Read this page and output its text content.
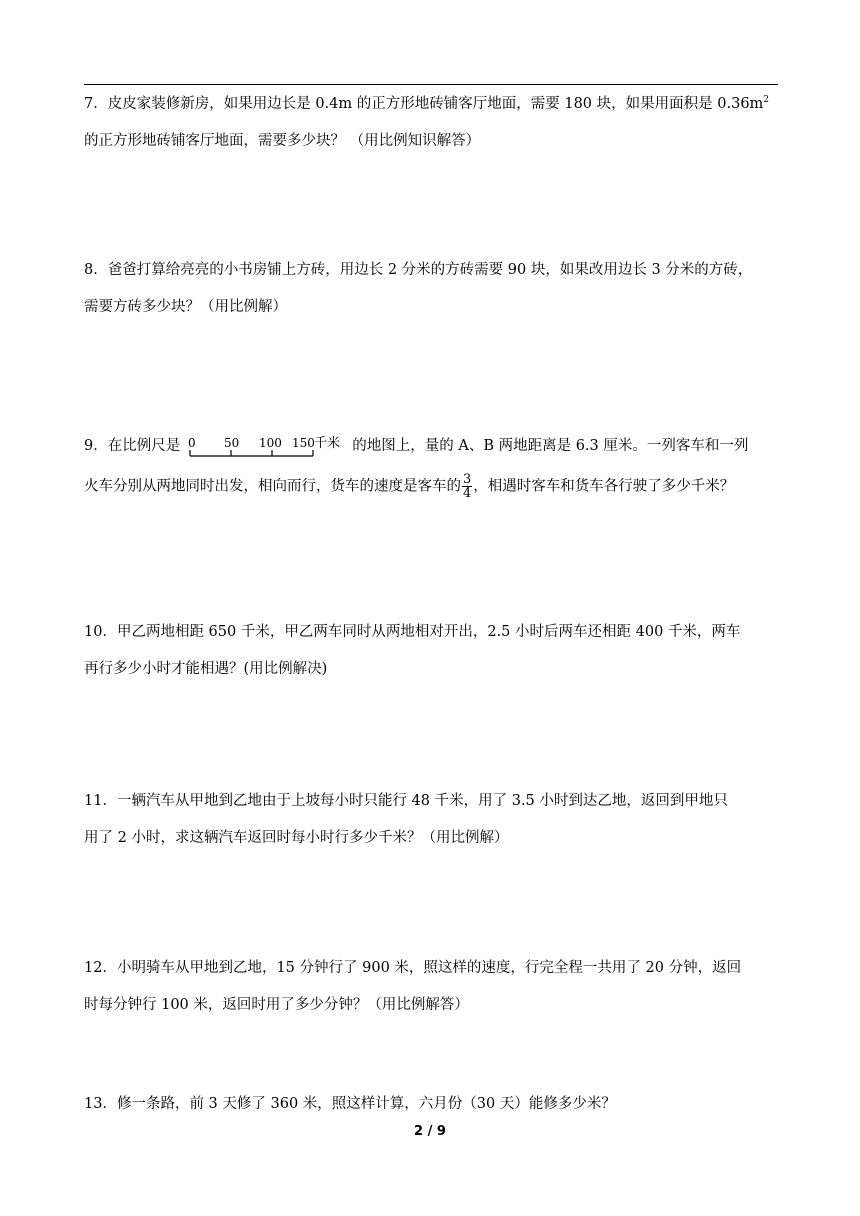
7．皮皮家装修新房，如果用边长是 0.4m 的正方形地砖铺客厅地面，需要 180 块，如果用面积是 $0.36m^2$
的正方形地砖铺客厅地面，需要多少块？ （用比例知识解答）
8．爸爸打算给亮亮的小书房铺上方砖，用边长 2 分米的方砖需要 90 块，如果改用边长 3 分米的方砖，
需要方砖多少块？（用比例解）
9．在比例尺是 0 50 100 150 千米 的地图上，量的 A、B 两地距离是 6.3 厘米。一列客车和一列
火车分别从两地同时出发，相向而行，货车的速度是客车的 $\frac{3}{4}$ ，相遇时客车和货车各行驶了多少千米？
10．甲乙两地相距 650 千米，甲乙两车同时从两地相对开出，2.5 小时后两车还相距 400 千米，两车
再行多少小时才能相遇？(用比例解决)
11．一辆汽车从甲地到乙地由于上坡每小时只能行 48 千米，用了 3.5 小时到达乙地，返回到甲地只
用了 2 小时，求这辆汽车返回时每小时行多少千米？（用比例解）
12．小明骑车从甲地到乙地，15 分钟行了 900 米，照这样的速度，行完全程一共用了 20 分钟，返回
时每分钟行 100 米，返回时用了多少分钟？（用比例解答）
13．修一条路，前 3 天修了 360 米，照这样计算，六月份（30 天）能修多少米？
2 / 9
